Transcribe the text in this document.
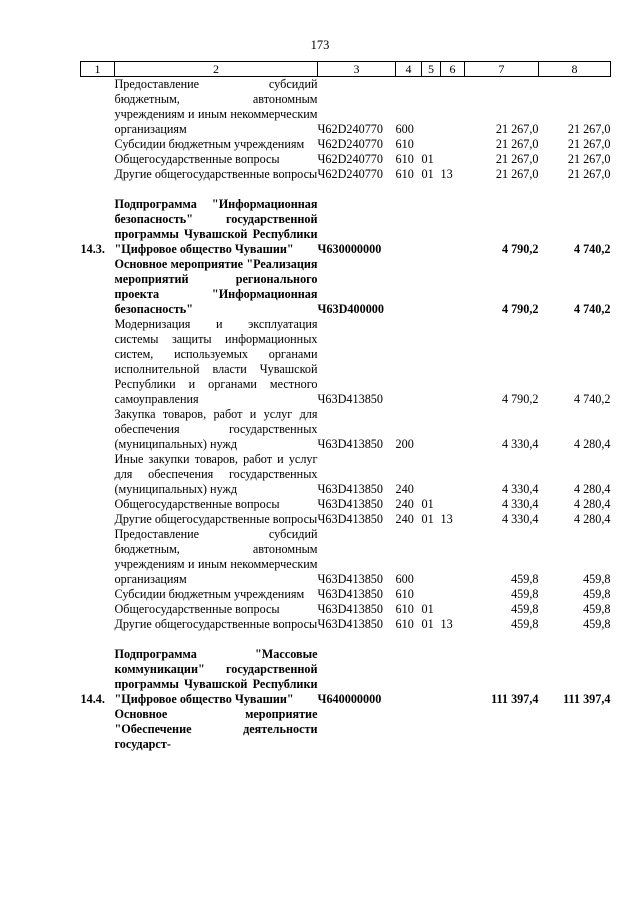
173
1	2	3	4	5	6	7	8
	Предоставление субсидий бюджетным, автономным учреждениям и иным некоммерческим организациям	Ч62D240770	600			21 267,0	21 267,0
	Субсидии бюджетным учреждениям	Ч62D240770	610			21 267,0	21 267,0
	Общегосударственные вопросы	Ч62D240770	610	01		21 267,0	21 267,0
	Другие общегосударственные вопросы	Ч62D240770	610	01	13	21 267,0	21 267,0

14.3.	Подпрограмма "Информационная безопасность" государственной программы Чувашской Республики "Цифровое общество Чувашии"	Ч630000000				4 790,2	4 740,2
	Основное мероприятие "Реализация мероприятий регионального проекта "Информационная безопасность"	Ч63D400000				4 790,2	4 740,2
	Модернизация и эксплуатация системы защиты информационных систем, используемых органами исполнительной власти Чувашской Республики и органами местного самоуправления	Ч63D413850				4 790,2	4 740,2
	Закупка товаров, работ и услуг для обеспечения государственных (муниципальных) нужд	Ч63D413850	200			4 330,4	4 280,4
	Иные закупки товаров, работ и услуг для обеспечения государственных (муниципальных) нужд	Ч63D413850	240			4 330,4	4 280,4
	Общегосударственные вопросы	Ч63D413850	240	01		4 330,4	4 280,4
	Другие общегосударственные вопросы	Ч63D413850	240	01	13	4 330,4	4 280,4
	Предоставление субсидий бюджетным, автономным учреждениям и иным некоммерческим организациям	Ч63D413850	600			459,8	459,8
	Субсидии бюджетным учреждениям	Ч63D413850	610			459,8	459,8
	Общегосударственные вопросы	Ч63D413850	610	01		459,8	459,8
	Другие общегосударственные вопросы	Ч63D413850	610	01	13	459,8	459,8

14.4.	Подпрограмма "Массовые коммуникации" государственной программы Чувашской Республики "Цифровое общество Чувашии"	Ч640000000				111 397,4	111 397,4
	Основное мероприятие "Обеспечение деятельности государст-						
